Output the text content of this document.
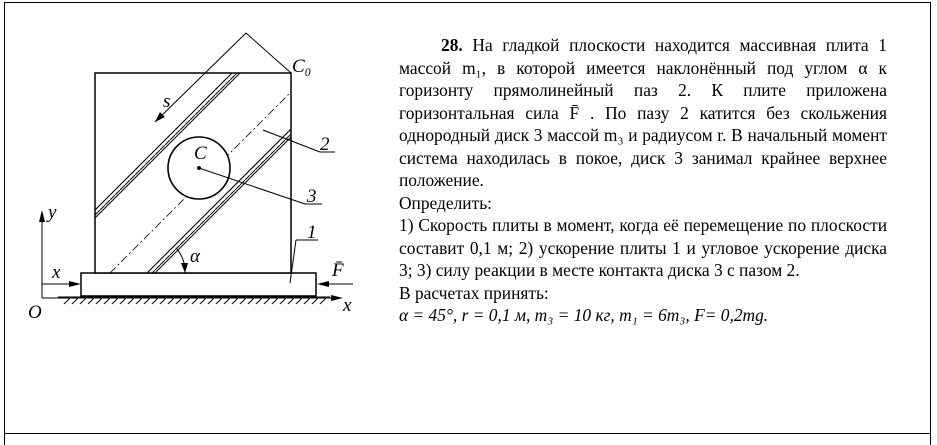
C₀
C
s
2
3
1
y
x
x
O
α
F̄

28. На гладкой плоскости находится массивная плита 1 массой m₁, в которой имеется наклонённый под углом α к горизонту прямолинейный паз 2. К плите приложена горизонтальная сила F̄ . По пазу 2 катится без скольжения однородный диск 3 массой m₃ и радиусом r. В начальный момент система находилась в покое, диск 3 занимал крайнее верхнее положение.

Определить:

1) Скорость плиты в момент, когда её перемещение по плоскости составит 0,1 м; 2) ускорение плиты 1 и угловое ускорение диска 3; 3) силу реакции в месте контакта диска 3 с пазом 2.

В расчетах принять:

α = 45°, r = 0,1 м, m₃ = 10 кг, m₁ = 6m₃, F= 0,2mg.
